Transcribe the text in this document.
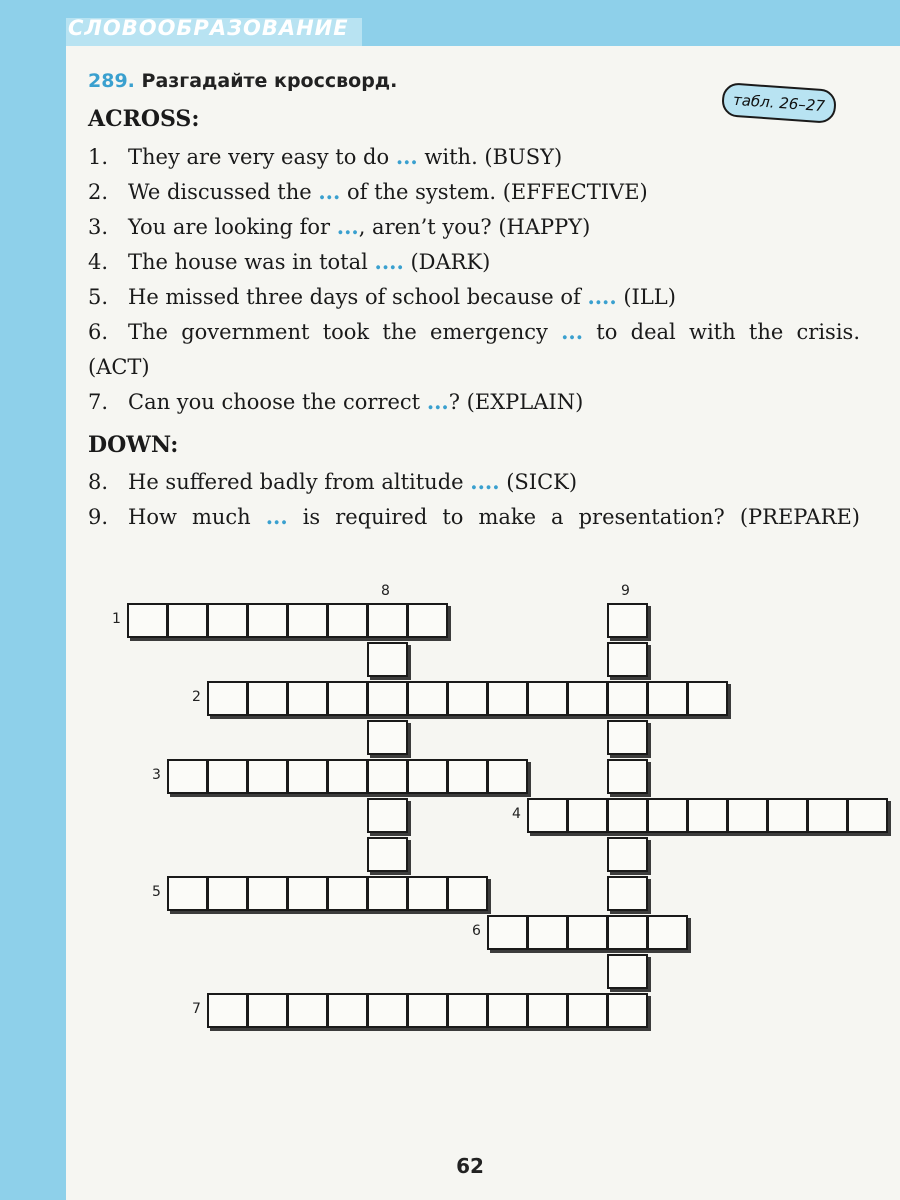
СЛОВООБРАЗОВАНИЕ
289. Разгадайте кроссворд.
табл. 26–27
ACROSS:
1. They are very easy to do ... with. (BUSY)
2. We discussed the ... of the system. (EFFECTIVE)
3. You are looking for ..., aren’t you? (HAPPY)
4. The house was in total .... (DARK)
5. He missed three days of school because of .... (ILL)
6. The government took the emergency ... to deal with the crisis. (ACT)
7. Can you choose the correct ...? (EXPLAIN)
DOWN:
8. He suffered badly from altitude .... (SICK)
9. How much ... is required to make a presentation? (PREPARE)
1
2
3
4
5
6
7
8	9
62
